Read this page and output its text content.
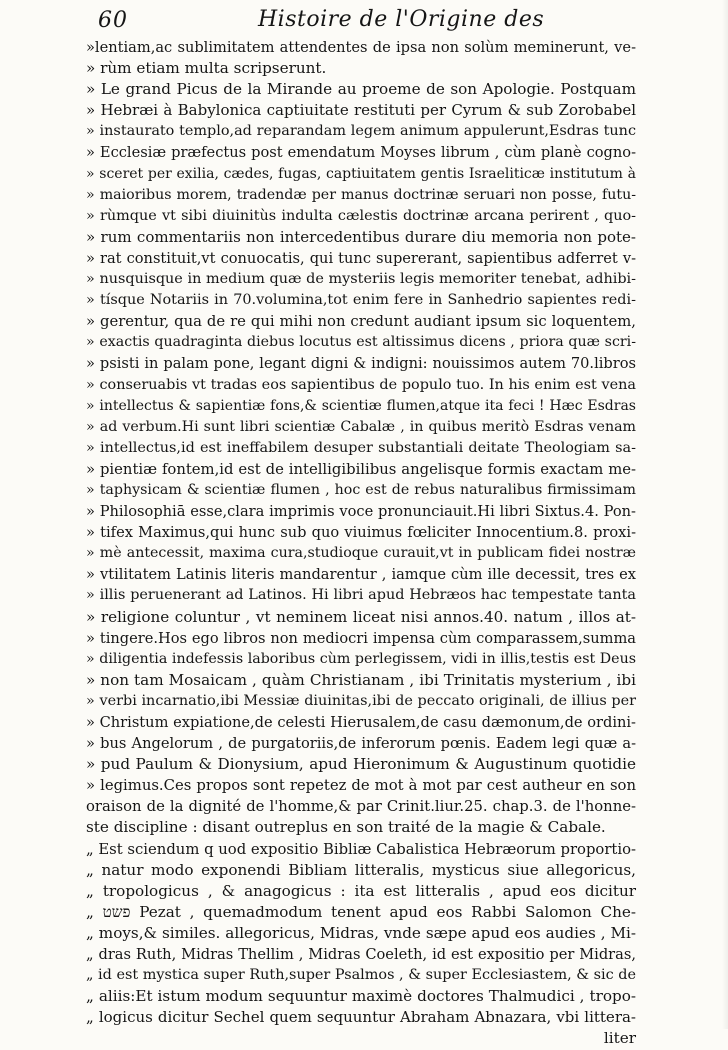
60	Histoire de l'Origine des
»lentiam,ac sublimitatem attendentes de ipsa non solùm meminerunt, ve-
» rùm etiam multa scripserunt.
» Le grand Picus de la Mirande au proeme de son Apologie. Postquam
» Hebræi à Babylonica captiuitate restituti per Cyrum & sub Zorobabel
» instaurato templo,ad reparandam legem animum appulerunt,Esdras tunc
» Ecclesiæ præfectus post emendatum Moyses librum , cùm planè cogno-
» sceret per exilia, cædes, fugas, captiuitatem gentis Israeliticæ institutum à
» maioribus morem, tradendæ per manus doctrinæ seruari non posse, futu-
» rùmque vt sibi diuinitùs indulta cælestis doctrinæ arcana perirent , quo-
» rum commentariis non intercedentibus durare diu memoria non pote-
» rat constituit,vt conuocatis, qui tunc supererant, sapientibus adferret v-
» nusquisque in medium quæ de mysteriis legis memoriter tenebat, adhibi-
» tísque Notariis in 70.volumina,tot enim fere in Sanhedrio sapientes redi-
» gerentur, qua de re qui mihi non credunt audiant ipsum sic loquentem,
» exactis quadraginta diebus locutus est altissimus dicens , priora quæ scri-
» psisti in palam pone, legant digni & indigni: nouissimos autem 70.libros
» conseruabis vt tradas eos sapientibus de populo tuo. In his enim est vena
» intellectus & sapientiæ fons,& scientiæ flumen,atque ita feci ! Hæc Esdras
» ad verbum.Hi sunt libri scientiæ Cabalæ , in quibus meritò Esdras venam
» intellectus,id est ineffabilem desuper substantiali deitate Theologiam sa-
» pientiæ fontem,id est de intelligibilibus angelisque formis exactam me-
» taphysicam & scientiæ flumen , hoc est de rebus naturalibus firmissimam
» Philosophiā esse,clara imprimis voce pronunciauit.Hi libri Sixtus.4. Pon-
» tifex Maximus,qui hunc sub quo viuimus fœliciter Innocentium.8. proxi-
» mè antecessit, maxima cura,studioque curauit,vt in publicam fidei nostræ
» vtilitatem Latinis literis mandarentur , iamque cùm ille decessit, tres ex
» illis peruenerant ad Latinos. Hi libri apud Hebræos hac tempestate tanta
» religione coluntur , vt neminem liceat nisi annos.40. natum , illos at-
» tingere.Hos ego libros non mediocri impensa cùm comparassem,summa
» diligentia indefessis laboribus cùm perlegissem, vidi in illis,testis est Deus
» non tam Mosaicam , quàm Christianam , ibi Trinitatis mysterium , ibi
» verbi incarnatio,ibi Messiæ diuinitas,ibi de peccato originali, de illius per
» Christum expiatione,de celesti Hierusalem,de casu dæmonum,de ordini-
» bus Angelorum , de purgatoriis,de inferorum pœnis. Eadem legi quæ a-
» pud Paulum & Dionysium, apud Hieronimum & Augustinum quotidie
» legimus.Ces propos sont repetez de mot à mot par cest autheur en son
oraison de la dignité de l'homme,& par Crinit.liur.25. chap.3. de l'honne-
ste discipline : disant outreplus en son traité de la magie & Cabale.
„ Est sciendum q uod expositio Bibliæ Cabalistica Hebræorum proportio-
„ natur modo exponendi Bibliam litteralis, mysticus siue allegoricus,
„ tropologicus , & anagogicus : ita est litteralis , apud eos dicitur
„ פשט Pezat , quemadmodum tenent apud eos Rabbi Salomon Che-
„ moys,& similes. allegoricus, Midras, vnde sæpe apud eos audies , Mi-
„ dras Ruth, Midras Thellim , Midras Coeleth, id est expositio per Midras,
„ id est mystica super Ruth,super Psalmos , & super Ecclesiastem, & sic de
„ aliis:Et istum modum sequuntur maximè doctores Thalmudici , tropo-
„ logicus dicitur Sechel quem sequuntur Abraham Abnazara, vbi littera-
liter
